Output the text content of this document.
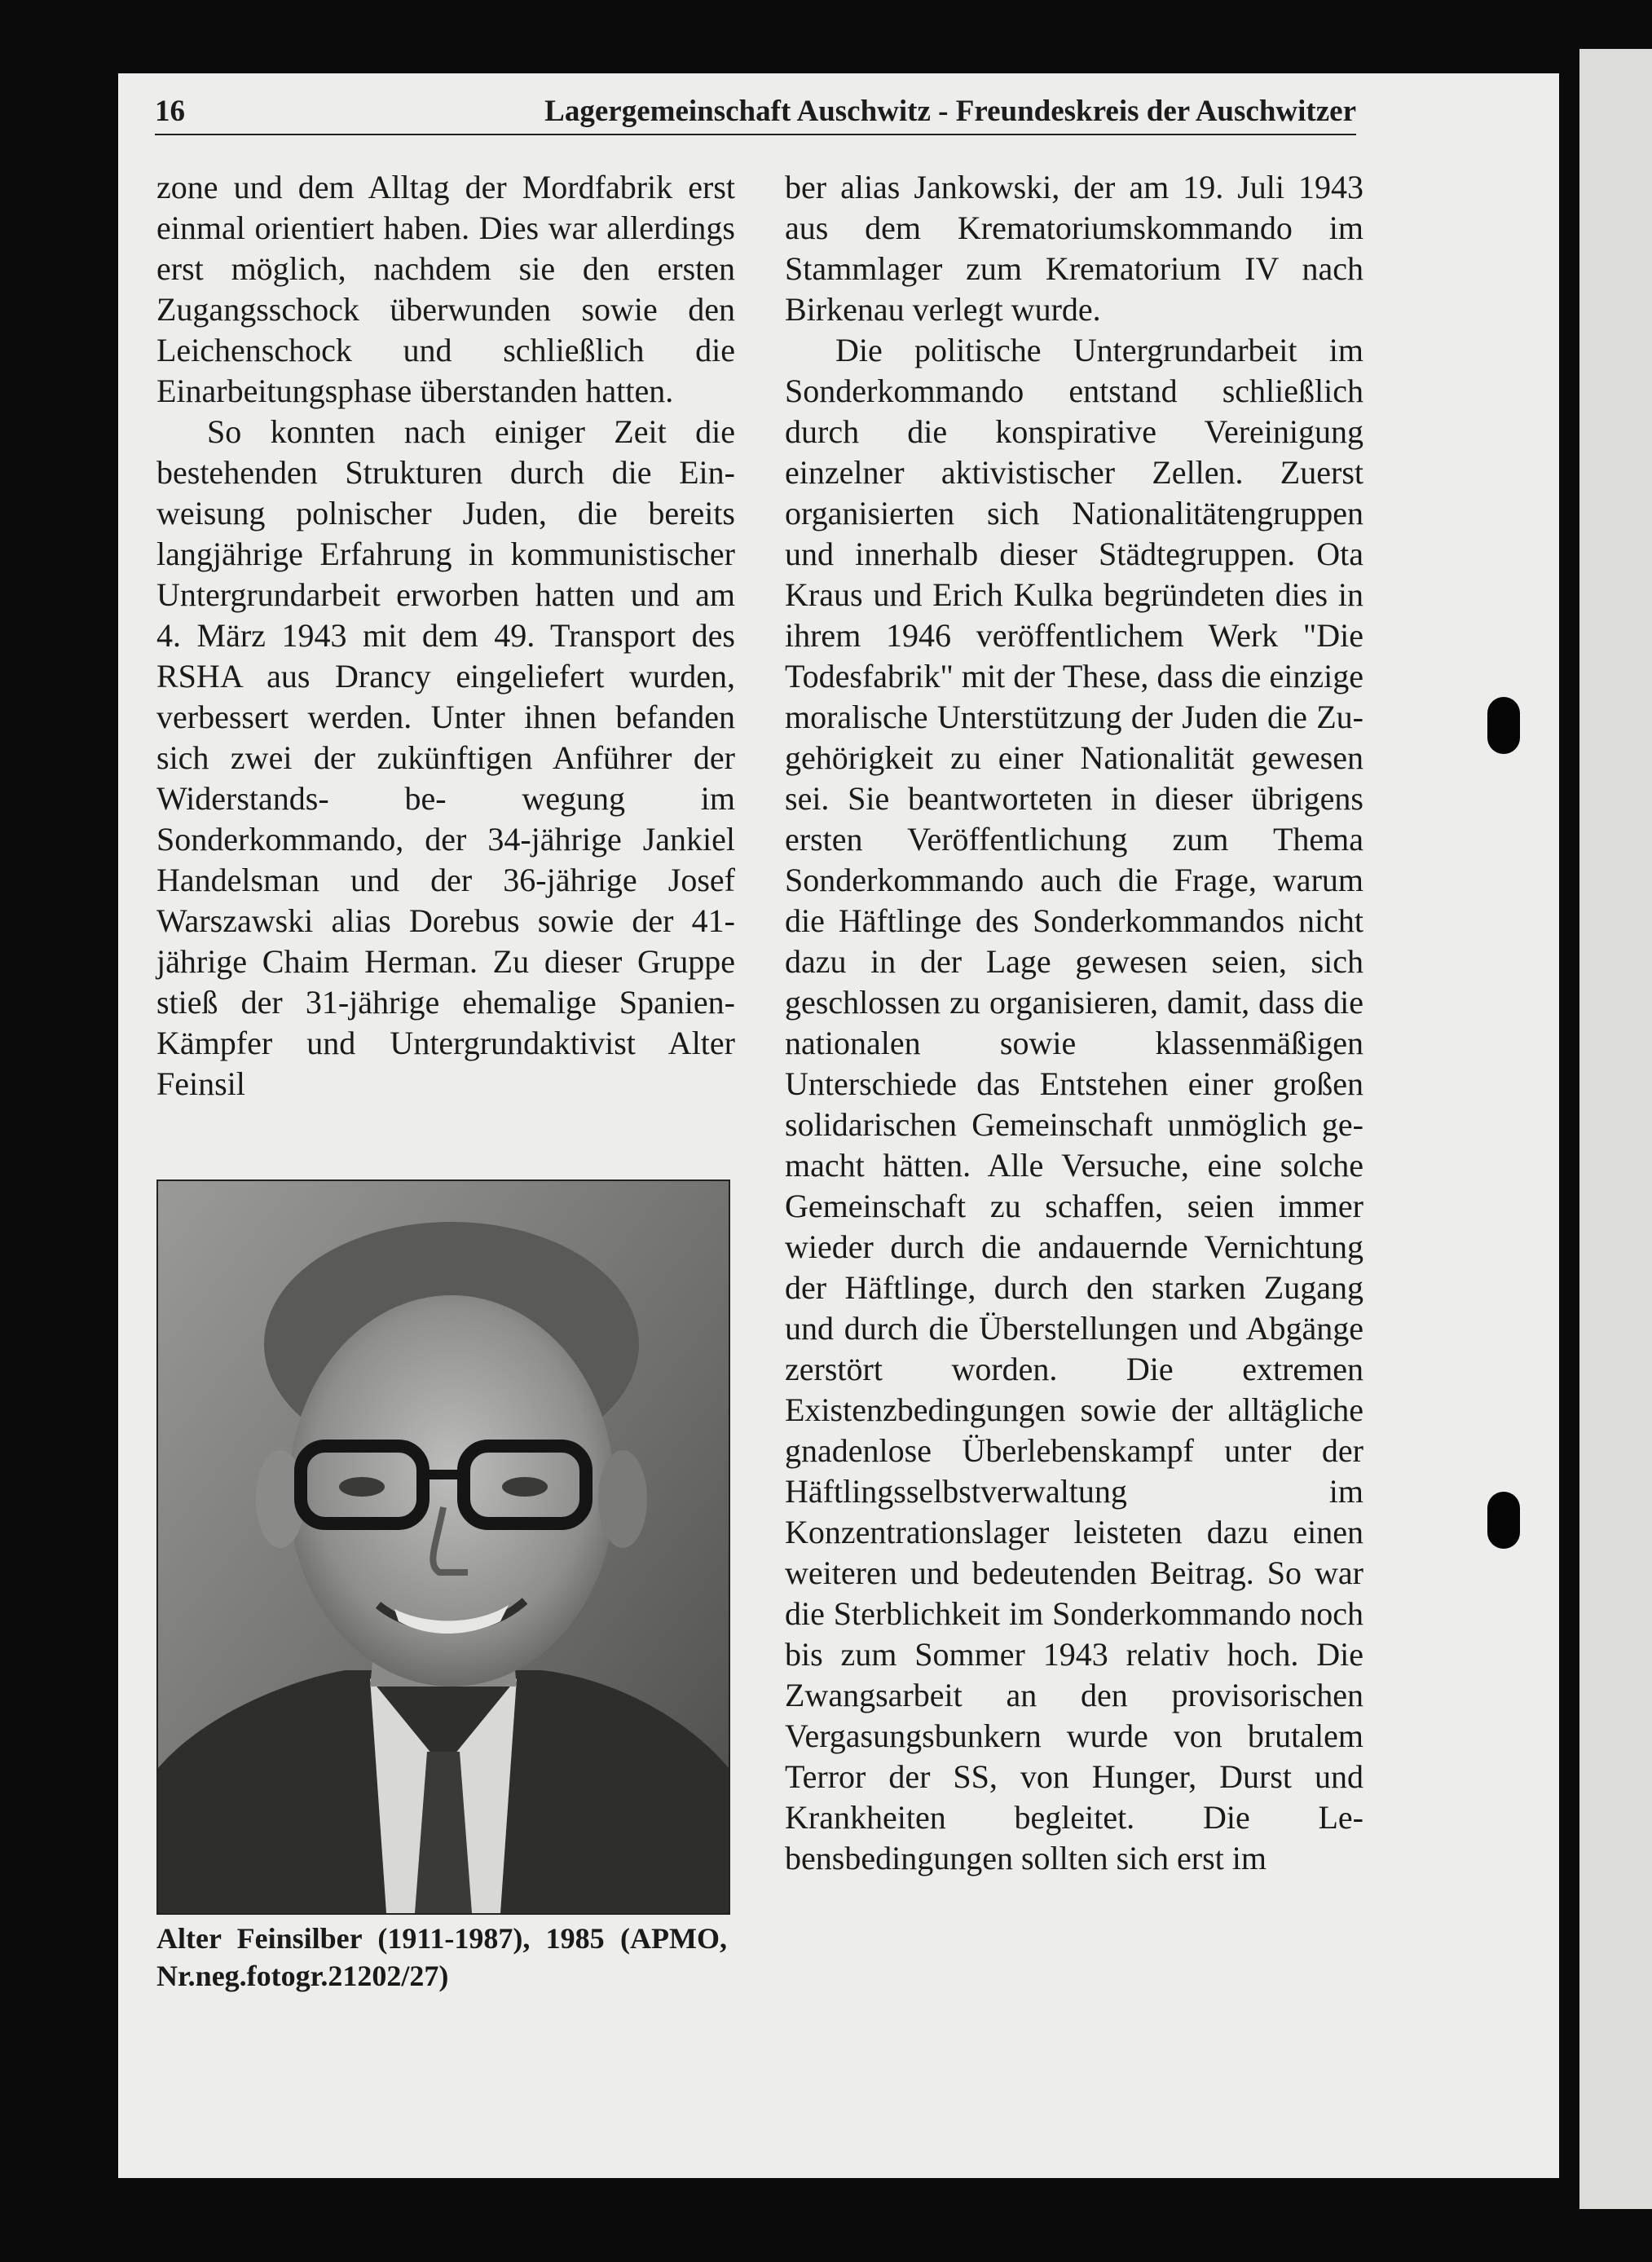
16	Lagergemeinschaft Auschwitz - Freundeskreis der Auschwitzer

zone und dem Alltag der Mordfabrik erst einmal orientiert haben. Dies war allerdings erst möglich, nachdem sie den ersten Zugangsschock überwunden sowie den Leichenschock und schließlich die Einarbeitungsphase überstanden hatten.

So konnten nach einiger Zeit die bestehenden Strukturen durch die Einweisung polnischer Juden, die bereits langjährige Erfahrung in kommunistischer Untergrundarbeit erworben hatten und am 4. März 1943 mit dem 49. Transport des RSHA aus Drancy eingeliefert wurden, verbessert werden. Unter ihnen befanden sich zwei der zukünftigen Anführer der Widerstands- be- wegung im Sonderkommando, der 34-jährige Jankiel Handelsman und der 36-jährige Josef Warszawski alias Dorebus sowie der 41-jährige Chaim Herman. Zu dieser Gruppe stieß der 31-jährige ehemalige Spanien-Kämpfer und Untergrundaktivist Alter Feinsil

Alter Feinsilber (1911-1987), 1985 (APMO, Nr.neg.fotogr.21202/27)

ber alias Jankowski, der am 19. Juli 1943 aus dem Krematoriumskommando im Stammlager zum Krematorium IV nach Birkenau verlegt wurde.

Die politische Untergrundarbeit im Sonderkommando entstand schließlich durch die konspirative Vereinigung einzelner aktivistischer Zellen. Zuerst organisierten sich Nationalitätengruppen und innerhalb dieser Städtegruppen. Ota Kraus und Erich Kulka begründeten dies in ihrem 1946 veröffentlichem Werk "Die Todesfabrik" mit der These, dass die einzige moralische Unterstützung der Juden die Zugehörigkeit zu einer Nationalität gewesen sei. Sie beantworteten in dieser übrigens ersten Veröffentlichung zum Thema Sonderkommando auch die Frage, warum die Häftlinge des Sonderkommandos nicht dazu in der Lage gewesen seien, sich geschlossen zu organisieren, damit, dass die nationalen sowie klassenmäßigen Unterschiede das Entstehen einer großen solidarischen Gemeinschaft unmöglich gemacht hätten. Alle Versuche, eine solche Gemeinschaft zu schaffen, seien immer wieder durch die andauernde Vernichtung der Häftlinge, durch den starken Zugang und durch die Überstellungen und Abgänge zerstört worden. Die extremen Existenzbedingungen sowie der alltägliche gnadenlose Überlebenskampf unter der Häftlingsselbstverwaltung im Konzentrationslager leisteten dazu einen weiteren und bedeutenden Beitrag. So war die Sterblichkeit im Sonderkommando noch bis zum Sommer 1943 relativ hoch. Die Zwangsarbeit an den provisorischen Vergasungsbunkern wurde von brutalem Terror der SS, von Hunger, Durst und Krankheiten begleitet. Die Lebensbedingungen sollten sich erst im
